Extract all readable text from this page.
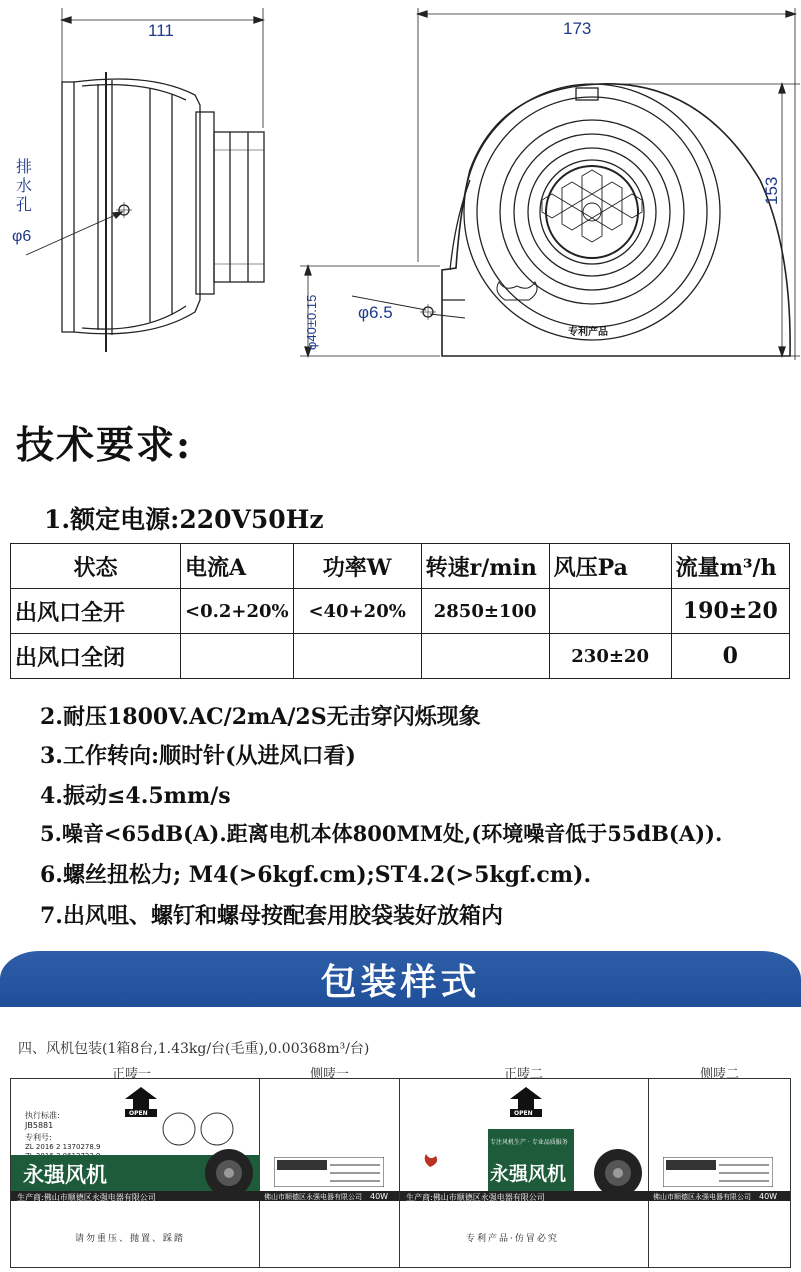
111	173
153
排水孔
φ6
φ40±0.15 φ6.5
专利产品
技术要求:
1.额定电源:220V50Hz
状态	电流A	功率W	转速r/min	风压Pa	流量m³/h
出风口全开	<0.2+20%	<40+20%	2850±100		190±20
出风口全闭				230±20	0
2.耐压1800V.AC/2mA/2S无击穿闪烁现象
3.工作转向:顺时针(从进风口看)
4.振动≤4.5mm/s
5.噪音<65dB(A).距离电机本体800MM处,(环境噪音低于55dB(A)).
6.螺丝扭松力; M4(>6kgf.cm);ST4.2(>5kgf.cm).
7.出风咀、螺钉和螺母按配套用胶袋装好放箱内
包装样式
四、风机包装(1箱8台,1.43kg/台(毛重),0.00368m³/台)
正唛一	侧唛一	正唛二	侧唛二
执行标准:
JB5881
专利号:
ZL 2016 2 1370278.9
OPEN
永强风机
生产商:佛山市顺德区永强电器有限公司
请勿重压、抛置、踩踏
佛山市顺德区永强电器有限公司 40W
OPEN
专注风机生产 · 专业品质服务
永强风机
生产商:佛山市顺德区永强电器有限公司
专利产品·仿冒必究
佛山市顺德区永强电器有限公司 40W
